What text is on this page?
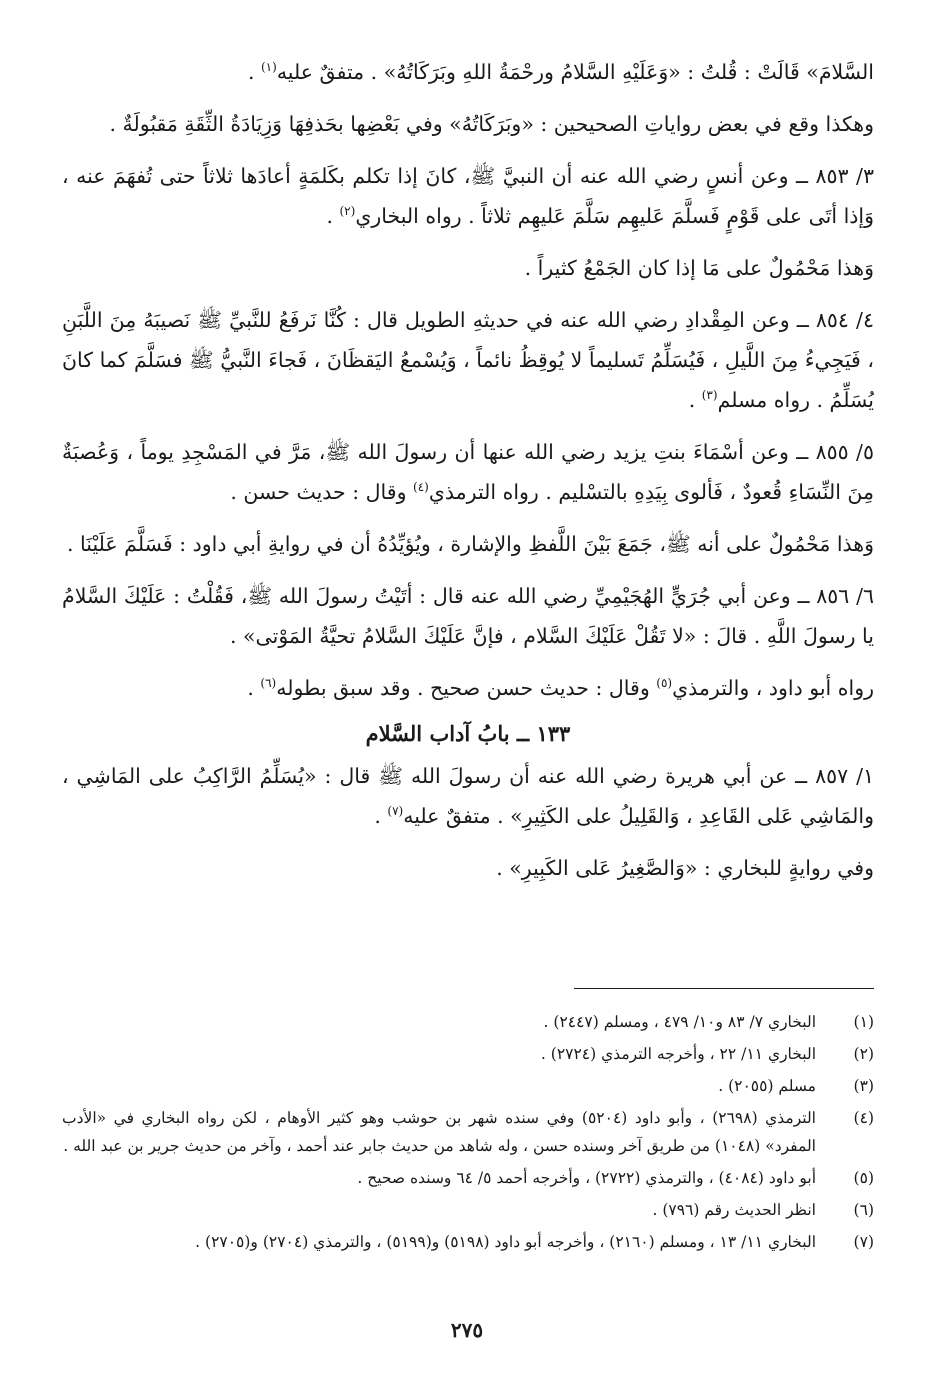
السَّلامَ» قَالَتْ : قُلتُ : «وَعَلَيْهِ السَّلامُ ورحْمَةُ اللهِ وبَرَكَاتُهُ» . متفقٌ عليه$^{(١)}$ .

وهكذا وقع في بعض رواياتِ الصحيحين : «وبَرَكَاتُهُ» وفي بَعْضِها بحَذفِهَا وَزِيَادَةُ الثِّقَةِ مَقبُولَةٌ .

٣/ ٨٥٣ ــ وعن أنسٍ رضي الله عنه أن النبيَّ ﷺ، كانَ إذا تكلم بكَلمَةٍ أعادَها ثلاثاً حتى تُفهَمَ عنه ، وَإذا أتَى على قَوْمٍ فَسلَّمَ عَليهِم سَلَّمَ عَليهِم ثلاثاً . رواه البخاري$^{(٢)}$ .

وَهذا مَحْمُولٌ على مَا إذا كان الجَمْعُ كثيراً .

٤/ ٨٥٤ ــ وعن المِقْدادِ رضي الله عنه في حديثهِ الطويل قال : كُنَّا نَرفَعُ للنَّبيِّ ﷺ نَصيبَهُ مِنَ اللَّبَنِ ، فَيَجِيءُ مِنَ اللَّيلِ ، فَيُسَلِّمُ تَسليماً لا يُوقِظُ نائماً ، وَيُسْمعُ اليَقظَانَ ، فَجاءَ النَّبيُّ ﷺ فسَلَّمَ كما كانَ يُسَلِّمُ . رواه مسلم$^{(٣)}$ .

٥/ ٨٥٥ ــ وعن أسْمَاءَ بنتِ يزيد رضي الله عنها أن رسولَ الله ﷺ، مَرَّ في المَسْجِدِ يوماً ، وَعُصبَةٌ مِنَ النِّسَاءِ قُعودٌ ، فَألوى بِيَدِهِ بالتسْليم . رواه الترمذي$^{(٤)}$ وقال : حديث حسن .

وَهذا مَحْمُولٌ على أنه ﷺ، جَمَعَ بَيْنَ اللَّفظِ والإشارة ، ويُؤيِّدُهُ أن في روايةِ أبي داود : فَسَلَّمَ عَلَيْنَا .

٦/ ٨٥٦ ــ وعن أبي جُرَيٍّ الهُجَيْمِيِّ رضي الله عنه قال : أتَيْتُ رسولَ الله ﷺ، فَقُلْتُ : عَلَيْكَ السَّلامُ يا رسولَ اللَّهِ . قالَ : «لا تَقُلْ عَلَيْكَ السَّلام ، فإنَّ عَلَيْكَ السَّلامُ تحيَّةُ المَوْتى» .

رواه أبو داود ، والترمذي$^{(٥)}$ وقال : حديث حسن صحيح . وقد سبق بطوله$^{(٦)}$ .

١٣٣ ــ بابُ آداب السَّلام

١/ ٨٥٧ ــ عن أبي هريرة رضي الله عنه أن رسولَ الله ﷺ قال : «يُسَلِّمُ الرَّاكِبُ على المَاشِي ، والمَاشِي عَلى القَاعِدِ ، وَالقَلِيلُ على الكَثِيرِ» . متفقٌ عليه$^{(٧)}$ .

وفي روايةٍ للبخاري : «وَالصَّغِيرُ عَلى الكَبِيرِ» .

(١)
البخاري ٧/ ٨٣ و١٠/ ٤٧٩ ، ومسلم (٢٤٤٧) .
(٢)
البخاري ١١/ ٢٢ ، وأخرجه الترمذي (٢٧٢٤) .
(٣)
مسلم (٢٠٥٥) .
(٤)
الترمذي (٢٦٩٨) ، وأبو داود (٥٢٠٤) وفي سنده شهر بن حوشب وهو كثير الأوهام ، لكن رواه البخاري في «الأدب المفرد» (١٠٤٨) من طريق آخر وسنده حسن ، وله شاهد من حديث جابر عند أحمد ، وآخر من حديث جرير بن عبد الله .
(٥)
أبو داود (٤٠٨٤) ، والترمذي (٢٧٢٢) ، وأخرجه أحمد ٥/ ٦٤ وسنده صحيح .
(٦)
انظر الحديث رقم (٧٩٦) .
(٧)
البخاري ١١/ ١٣ ، ومسلم (٢١٦٠) ، وأخرجه أبو داود (٥١٩٨) و(٥١٩٩) ، والترمذي (٢٧٠٤) و(٢٧٠٥) .
٢٧٥
